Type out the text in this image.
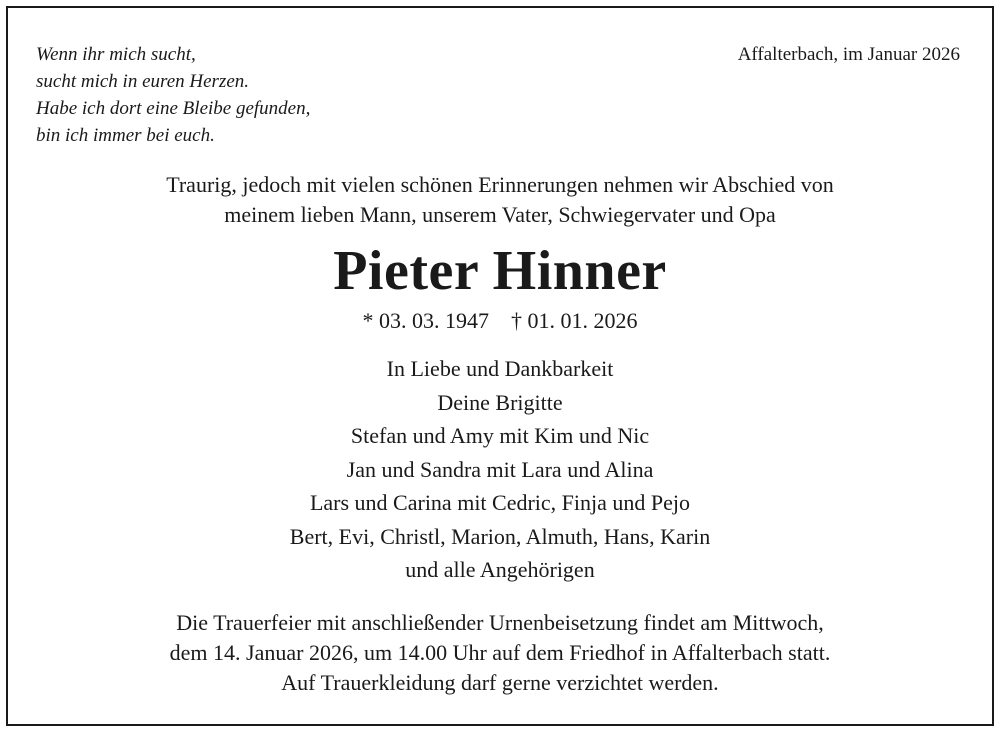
Wenn ihr mich sucht,
sucht mich in euren Herzen.
Habe ich dort eine Bleibe gefunden,
bin ich immer bei euch.
Affalterbach, im Januar 2026
Traurig, jedoch mit vielen schönen Erinnerungen nehmen wir Abschied von
meinem lieben Mann, unserem Vater, Schwiegervater und Opa
Pieter Hinner
* 03. 03. 1947 † 01. 01. 2026
In Liebe und Dankbarkeit
Deine Brigitte
Stefan und Amy mit Kim und Nic
Jan und Sandra mit Lara und Alina
Lars und Carina mit Cedric, Finja und Pejo
Bert, Evi, Christl, Marion, Almuth, Hans, Karin
und alle Angehörigen
Die Trauerfeier mit anschließender Urnenbeisetzung findet am Mittwoch,
dem 14. Januar 2026, um 14.00 Uhr auf dem Friedhof in Affalterbach statt.
Auf Trauerkleidung darf gerne verzichtet werden.
